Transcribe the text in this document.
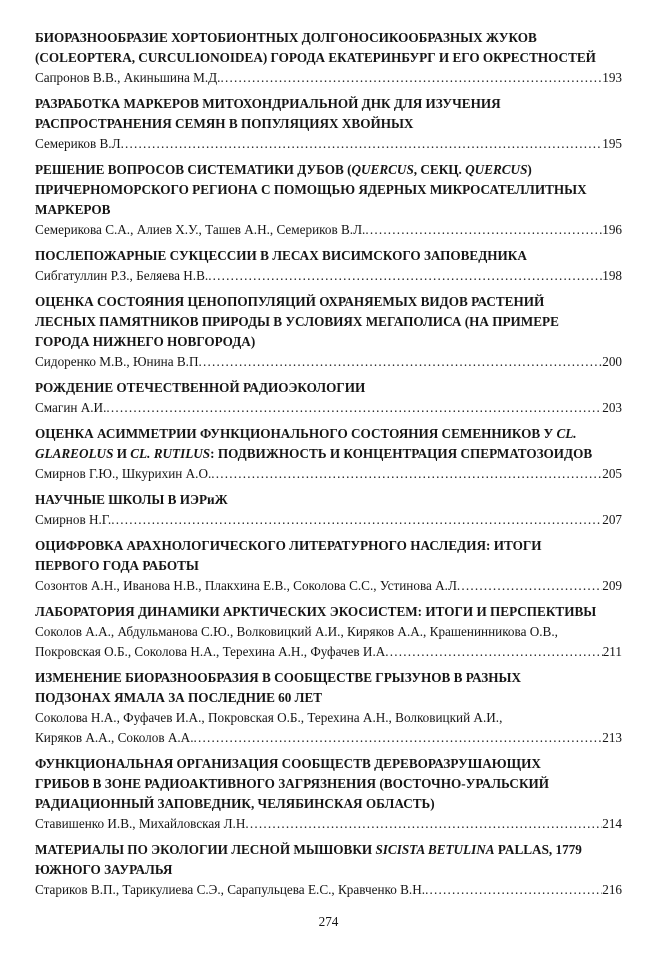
БИОРАЗНООБРАЗИЕ ХОРТОБИОНТНЫХ ДОЛГОНОСИКООБРАЗНЫХ ЖУКОВ
(COLEOPTERA, CURCULIONOIDEA) ГОРОДА ЕКАТЕРИНБУРГ И ЕГО ОКРЕСТНОСТЕЙ
Сапронов В.В., Акиньшина М.Д. .....	193
РАЗРАБОТКА МАРКЕРОВ МИТОХОНДРИАЛЬНОЙ ДНК ДЛЯ ИЗУЧЕНИЯ
РАСПРОСТРАНЕНИЯ СЕМЯН В ПОПУЛЯЦИЯХ ХВОЙНЫХ
Семериков В.Л .....	195
РЕШЕНИЕ ВОПРОСОВ СИСТЕМАТИКИ ДУБОВ (QUERCUS, СЕКЦ. QUERCUS)
ПРИЧЕРНОМОРСКОГО РЕГИОНА С ПОМОЩЬЮ ЯДЕРНЫХ МИКРОСАТЕЛЛИТНЫХ
МАРКЕРОВ
Семерикова С.А., Алиев Х.У., Ташев А.Н., Семериков В.Л. .....	196
ПОСЛЕПОЖАРНЫЕ СУКЦЕССИИ В ЛЕСАХ ВИСИМСКОГО ЗАПОВЕДНИКА
Сибгатуллин Р.З., Беляева Н.В. .....	198
ОЦЕНКА СОСТОЯНИЯ ЦЕНОПОПУЛЯЦИЙ ОХРАНЯЕМЫХ ВИДОВ РАСТЕНИЙ
ЛЕСНЫХ ПАМЯТНИКОВ ПРИРОДЫ В УСЛОВИЯХ МЕГАПОЛИСА (НА ПРИМЕРЕ
ГОРОДА НИЖНЕГО НОВГОРОДА)
Сидоренко М.В., Юнина В.П .....	200
РОЖДЕНИЕ ОТЕЧЕСТВЕННОЙ РАДИОЭКОЛОГИИ
Смагин А.И. .....	203
ОЦЕНКА АСИММЕТРИИ ФУНКЦИОНАЛЬНОГО СОСТОЯНИЯ СЕМЕННИКОВ У CL.
GLAREOLUS И CL. RUTILUS: ПОДВИЖНОСТЬ И КОНЦЕНТРАЦИЯ СПЕРМАТОЗОИДОВ
Смирнов Г.Ю., Шкурихин А.О. .....	205
НАУЧНЫЕ ШКОЛЫ В ИЭРиЖ
Смирнов Н.Г. .....	207
ОЦИФРОВКА АРАХНОЛОГИЧЕСКОГО ЛИТЕРАТУРНОГО НАСЛЕДИЯ: ИТОГИ
ПЕРВОГО ГОДА РАБОТЫ
Созонтов А.Н., Иванова Н.В., Плакхина Е.В., Соколова С.С., Устинова А.Л .....	209
ЛАБОРАТОРИЯ ДИНАМИКИ АРКТИЧЕСКИХ ЭКОСИСТЕМ: ИТОГИ И ПЕРСПЕКТИВЫ
Соколов А.А., Абдульманова С.Ю., Волковицкий А.И., Киряков А.А., Крашенинникова О.В.,
Покровская О.Б., Соколова Н.А., Терехина А.Н., Фуфачев И.А .....	211
ИЗМЕНЕНИЕ БИОРАЗНООБРАЗИЯ В СООБЩЕСТВЕ ГРЫЗУНОВ В РАЗНЫХ
ПОДЗОНАХ ЯМАЛА ЗА ПОСЛЕДНИЕ 60 ЛЕТ
Соколова Н.А., Фуфачев И.А., Покровская О.Б., Терехина А.Н., Волковицкий А.И.,
Киряков А.А., Соколов А.А. .....	213
ФУНКЦИОНАЛЬНАЯ ОРГАНИЗАЦИЯ СООБЩЕСТВ ДЕРЕВОРАЗРУШАЮЩИХ
ГРИБОВ В ЗОНЕ РАДИОАКТИВНОГО ЗАГРЯЗНЕНИЯ (ВОСТОЧНО-УРАЛЬСКИЙ
РАДИАЦИОННЫЙ ЗАПОВЕДНИК, ЧЕЛЯБИНСКАЯ ОБЛАСТЬ)
Ставишенко И.В., Михайловская Л.Н .....	214
МАТЕРИАЛЫ ПО ЭКОЛОГИИ ЛЕСНОЙ МЫШОВКИ SICISTA BETULINA PALLAS, 1779
ЮЖНОГО ЗАУРАЛЬЯ
Стариков В.П., Тарикулиева С.Э., Сарапульцева Е.С., Кравченко В.Н. .....	216
274
